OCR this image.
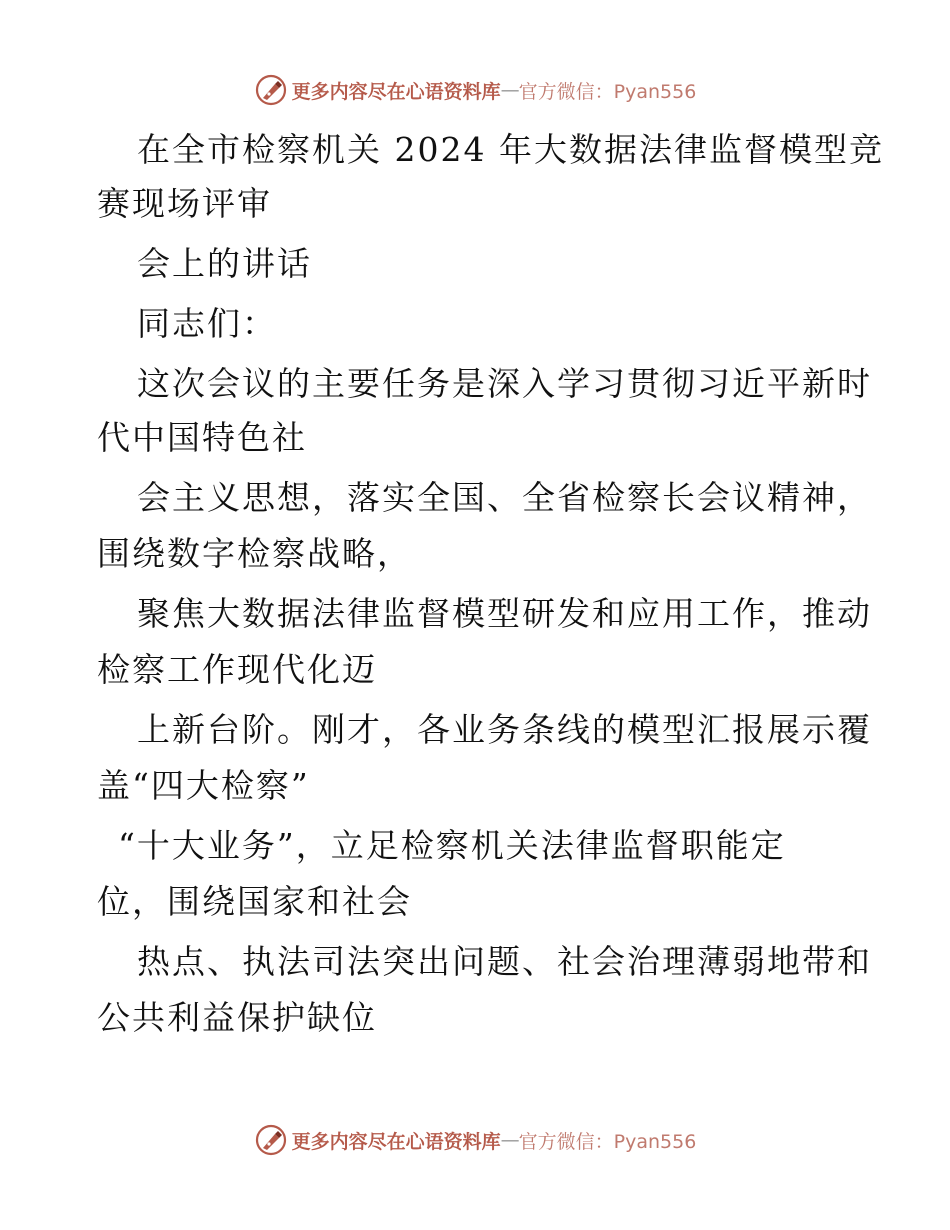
更多内容尽在心语资料库 — 官方微信：Pyan556
在全市检察机关 2024 年大数据法律监督模型竞
赛现场评审
会上的讲话
同志们：
这次会议的主要任务是深入学习贯彻习近平新时
代中国特色社
会主义思想，落实全国、全省检察长会议精神，
围绕数字检察战略，
聚焦大数据法律监督模型研发和应用工作，推动
检察工作现代化迈
上新台阶。刚才，各业务条线的模型汇报展示覆
盖“四大检察”
“十大业务”，立足检察机关法律监督职能定
位，围绕国家和社会
热点、执法司法突出问题、社会治理薄弱地带和
公共利益保护缺位
更多内容尽在心语资料库 — 官方微信：Pyan556
